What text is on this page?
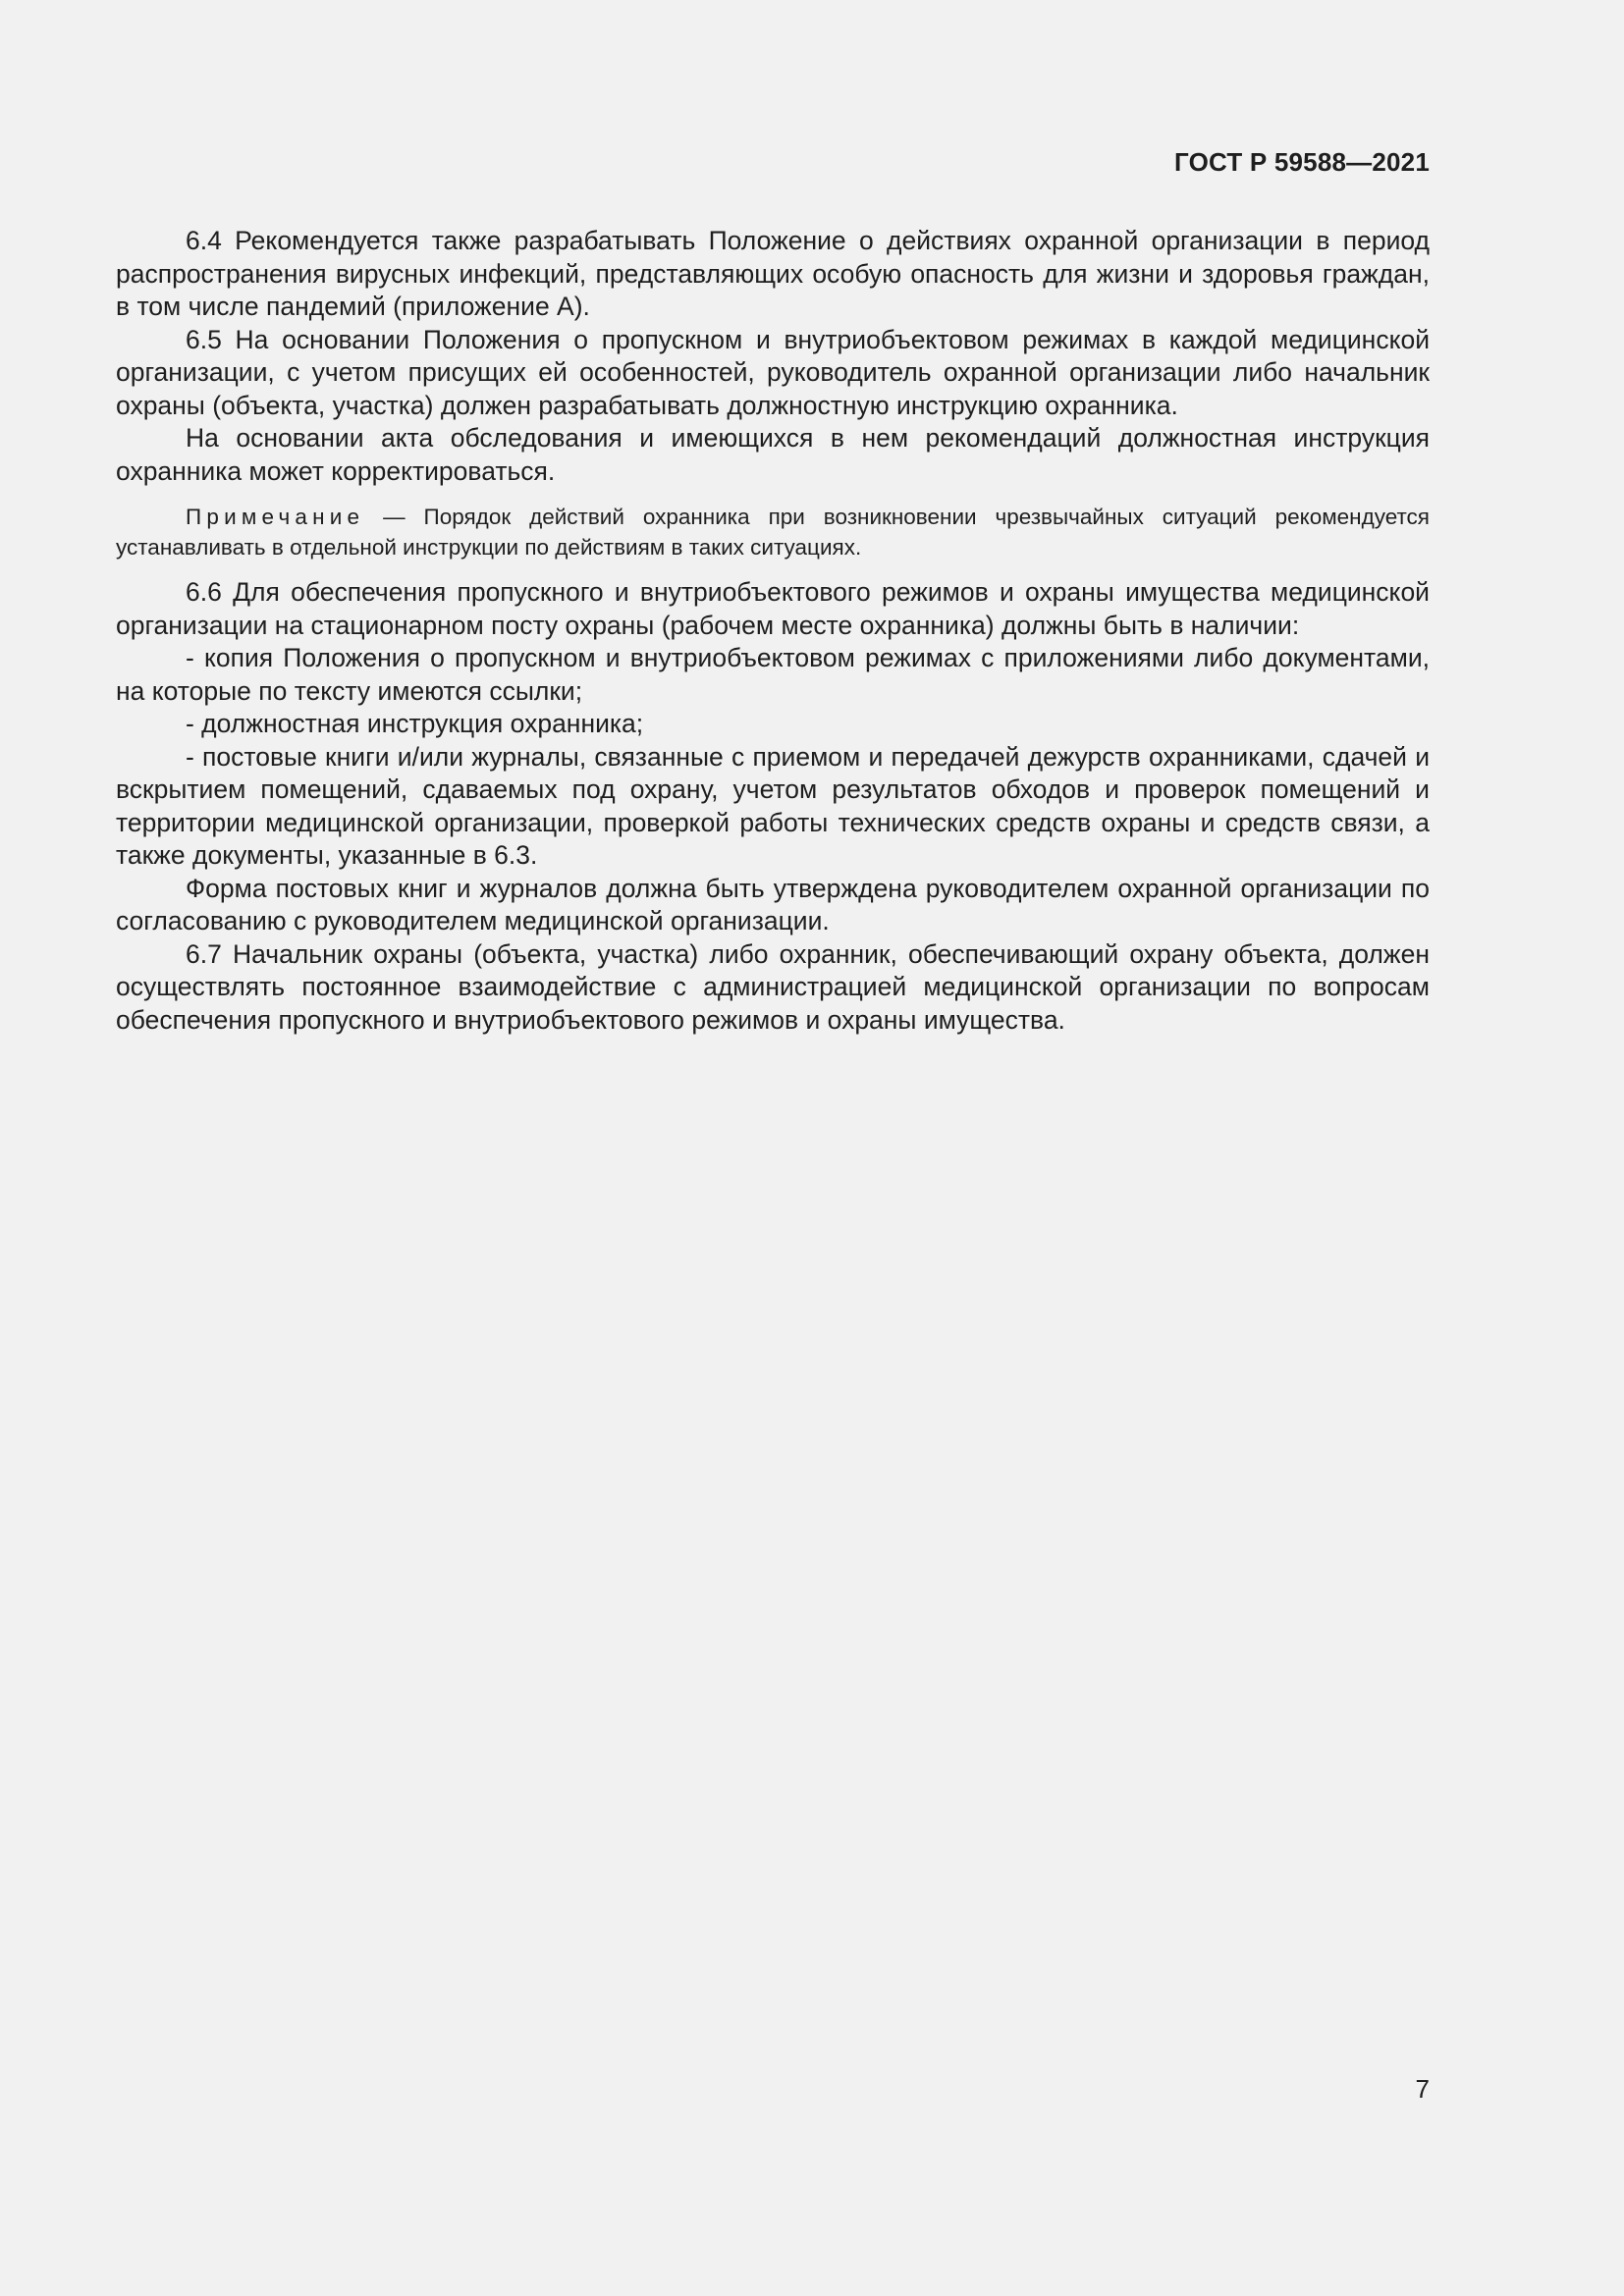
ГОСТ Р 59588—2021

6.4 Рекомендуется также разрабатывать Положение о действиях охранной организации в период распространения вирусных инфекций, представляющих особую опасность для жизни и здоровья граждан, в том числе пандемий (приложение А).

6.5 На основании Положения о пропускном и внутриобъектовом режимах в каждой медицинской организации, с учетом присущих ей особенностей, руководитель охранной организации либо начальник охраны (объекта, участка) должен разрабатывать должностную инструкцию охранника.

На основании акта обследования и имеющихся в нем рекомендаций должностная инструкция охранника может корректироваться.

Примечание — Порядок действий охранника при возникновении чрезвычайных ситуаций рекомендуется устанавливать в отдельной инструкции по действиям в таких ситуациях.

6.6 Для обеспечения пропускного и внутриобъектового режимов и охраны имущества медицинской организации на стационарном посту охраны (рабочем месте охранника) должны быть в наличии:

- копия Положения о пропускном и внутриобъектовом режимах с приложениями либо документами, на которые по тексту имеются ссылки;

- должностная инструкция охранника;

- постовые книги и/или журналы, связанные с приемом и передачей дежурств охранниками, сдачей и вскрытием помещений, сдаваемых под охрану, учетом результатов обходов и проверок помещений и территории медицинской организации, проверкой работы технических средств охраны и средств связи, а также документы, указанные в 6.3.

Форма постовых книг и журналов должна быть утверждена руководителем охранной организации по согласованию с руководителем медицинской организации.

6.7 Начальник охраны (объекта, участка) либо охранник, обеспечивающий охрану объекта, должен осуществлять постоянное взаимодействие с администрацией медицинской организации по вопросам обеспечения пропускного и внутриобъектового режимов и охраны имущества.

7
